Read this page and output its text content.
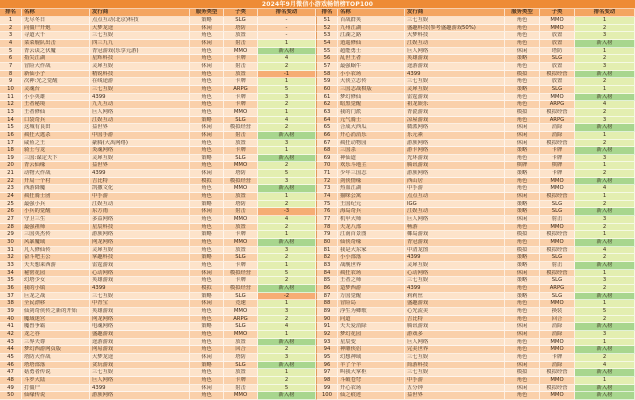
2024年9月微信小游戏畅销榜TOP100
排名	名称	发行商	服务类型	子类	排名变动	排名	名称	发行商	服务类型	子类	排名变动
1	无尽冬日	点点互动(北京)科技	策略	SLG	-	51	百战群英	三七互娱	角色	MMO	1
2	向僵尸开炮	大梦龙途	休闲	塔防	-	52	九州江湖	盛趣科技(参考盛趣游戏50%)	角色	MMO	2
3	寻道大千	三七互娱	角色	放置	-	53	江湖之路	大梦科技	角色	放置	3
4	菜菜舰队出击	四三九九	休闲	射击	1	54	逍遥修仙	江娱互动	角色	放置	新入榜
5	青云诀之伏魔	青冠游戏(乐享元游)	角色	MMO	新入榜	55	超能勇士	巨人网络	休闲	塔防	1
6	指尖江湖	星辉科技	角色	卡牌	4	56	乱世王者	英雄游戏	策略	SLG	2
7	冒险大作战	灵犀互娱	休闲	射击	2	57	最强蜗牛	途游游戏	角色	放置	3
8	新仙小子	精锐科技	角色	放置	-1	58	小小农场	4399	模拟	模拟经营	新入榜
9	次神:光之觉醒	在线途游	角色	卡牌	1	59	大侠立志传	三七互娱	角色	放置	2
10	灵魂台	三七互娱	角色	ARPG	5	60	三国志战棋版	灵犀互娱	策略	SLG	1
11	小小英雄	4399	角色	卡牌	3	61	梦幻修仙	雷霆游戏	角色	MMO	新入榜
12	王者秘境	九九互动	角色	卡牌	2	62	暗黑觉醒	祖龙娱乐	角色	ARPG	4
13	王者修仙	巨人网络	角色	MMO	1	63	我的门派	青瓷游戏	模拟	模拟经营	2
14	口袋奇兵	江娱互动	策略	SLG	4	64	元气骑士	凉屋游戏	角色	ARPG	3
15	这城有良田	益世界	休闲	模拟经营	2	65	合成大西瓜	微派网络	休闲	消除	新入榜
16	疯狂大逃杀	中国手游	休闲	射击	新入榜	66	开心消消乐	乐元素	休闲	消除	1
17	咸鱼之王	豪腾(大禹网络)	角色	放置	3	67	疯狂动物园	游族网络	休闲	模拟经营	2
18	骑士与龙	炎魂网络	角色	卡牌	1	68	三国杀	游卡网络	策略	卡牌	新入榜
19	三国:谋定天下	灵犀互娱	策略	SLG	新入榜	69	神仙道	光环游戏	角色	卡牌	3
20	青云仙缘	益世界	角色	MMO	2	70	欢乐斗地主	腾讯游戏	棋牌	棋牌	1
21	动物大作战	4399	休闲	塔防	5	71	少年三国志	游族网络	策略	卡牌	2
22	开局一个村	吉比特	模拟	模拟经营	3	72	剑侠情缘	西山居	角色	MMO	新入榜
23	西游降魔	凯撒文化	角色	MMO	新入榜	73	热血江湖	中手游	角色	MMO	4
24	疯狂骑士团	中手游	角色	放置	1	74	猫咪公寓	点点互动	休闲	模拟经营	1
25	最强小兵	江娱互动	策略	塔防	2	75	王国纪元	IGG	策略	SLG	2
26	小兵的觉醒	东方雨	休闲	射击	-3	76	海岛奇兵	江娱互动	策略	SLG	新入榜
27	守卫三生	多益网络	角色	MMO	4	77	机甲大师	巨人网络	休闲	射击	3
28	最强祖师	星辰科技	角色	放置	2	78	天龙八部	畅游	角色	MMO	2
29	三国英杰传	游族网络	策略	卡牌	1	79	江南百景图	椰岛游戏	模拟	模拟经营	1
30	风暴魔域	网龙网络	角色	MMO	新入榜	80	仙侠奇缘	青冠游戏	角色	MMO	新入榜
31	凡人修仙传	灵犀互娱	角色	放置	3	81	我是大东家	中清龙图	模拟	模拟经营	4
32	奋斗吧主公	掌趣科技	策略	SLG	2	82	小小部落	4399	策略	SLG	2
33	天天想来西游	雷霆游戏	角色	卡牌	1	83	战舰世界	灵犀互娱	策略	射击	新入榜
34	秘密花园	心动网络	休闲	模拟经营	5	84	疯狂农场	心动网络	休闲	模拟经营	1
35	幻塔少女	英雄游戏	角色	卡牌	2	85	王者之师	三七互娱	策略	SLG	3
36	我的小镇	4399	模拟	模拟经营	新入榜	86	造梦西游	4399	角色	ARPG	2
37	巨龙之战	三七互娱	策略	SLG	-2	87	万国觉醒	莉莉丝	策略	SLG	新入榜
38	全民漂移	中青宝	休闲	竞速	1	88	冒险岛	盛趣游戏	角色	MMO	1
39	仙剑奇侠传之新的开始	英雄游戏	角色	MMO	3	89	浮生为卿歌	心光流美	角色	换装	5
40	魔域迷宫	网龙网络	角色	ARPG	2	90	问道	吉比特	角色	回合	2
41	魔兽争霸	电魂网络	策略	SLG	4	91	天天爱消除	腾讯游戏	休闲	消除	新入榜
42	龙之谷	盛趣游戏	角色	MMO	1	92	梦幻花园	游戏多	休闲	消除	3
43	三界天尊	途游游戏	角色	放置	新入榜	93	星辰变	巨人网络	角色	MMO	1
44	梦幻西游网页版	网易游戏	角色	回合	2	94	神雕侠侣	完美世界	角色	MMO	新入榜
45	塔防大作战	大梦龙途	休闲	塔防	3	95	幻想神域	三七互娱	角色	卡牌	2
46	塔塔部落	贪玩游戏	策略	SLG	新入榜	96	羊了个羊	简游科技	休闲	消除	4
47	菇勇者传说	三七互娱	角色	放置	1	97	叫我大掌柜	三七互娱	模拟	模拟经营	新入榜
48	斗罗大陆	巨人网络	角色	卡牌	2	98	斗破苍穹	中手游	角色	MMO	1
49	打僵尸	4399	休闲	射击	5	99	开心农场	五分钟	休闲	模拟经营	新入榜
50	仙缘传说	游族网络	角色	MMO	新入榜	100	仙之痕迹	益世界	角色	MMO	新入榜
